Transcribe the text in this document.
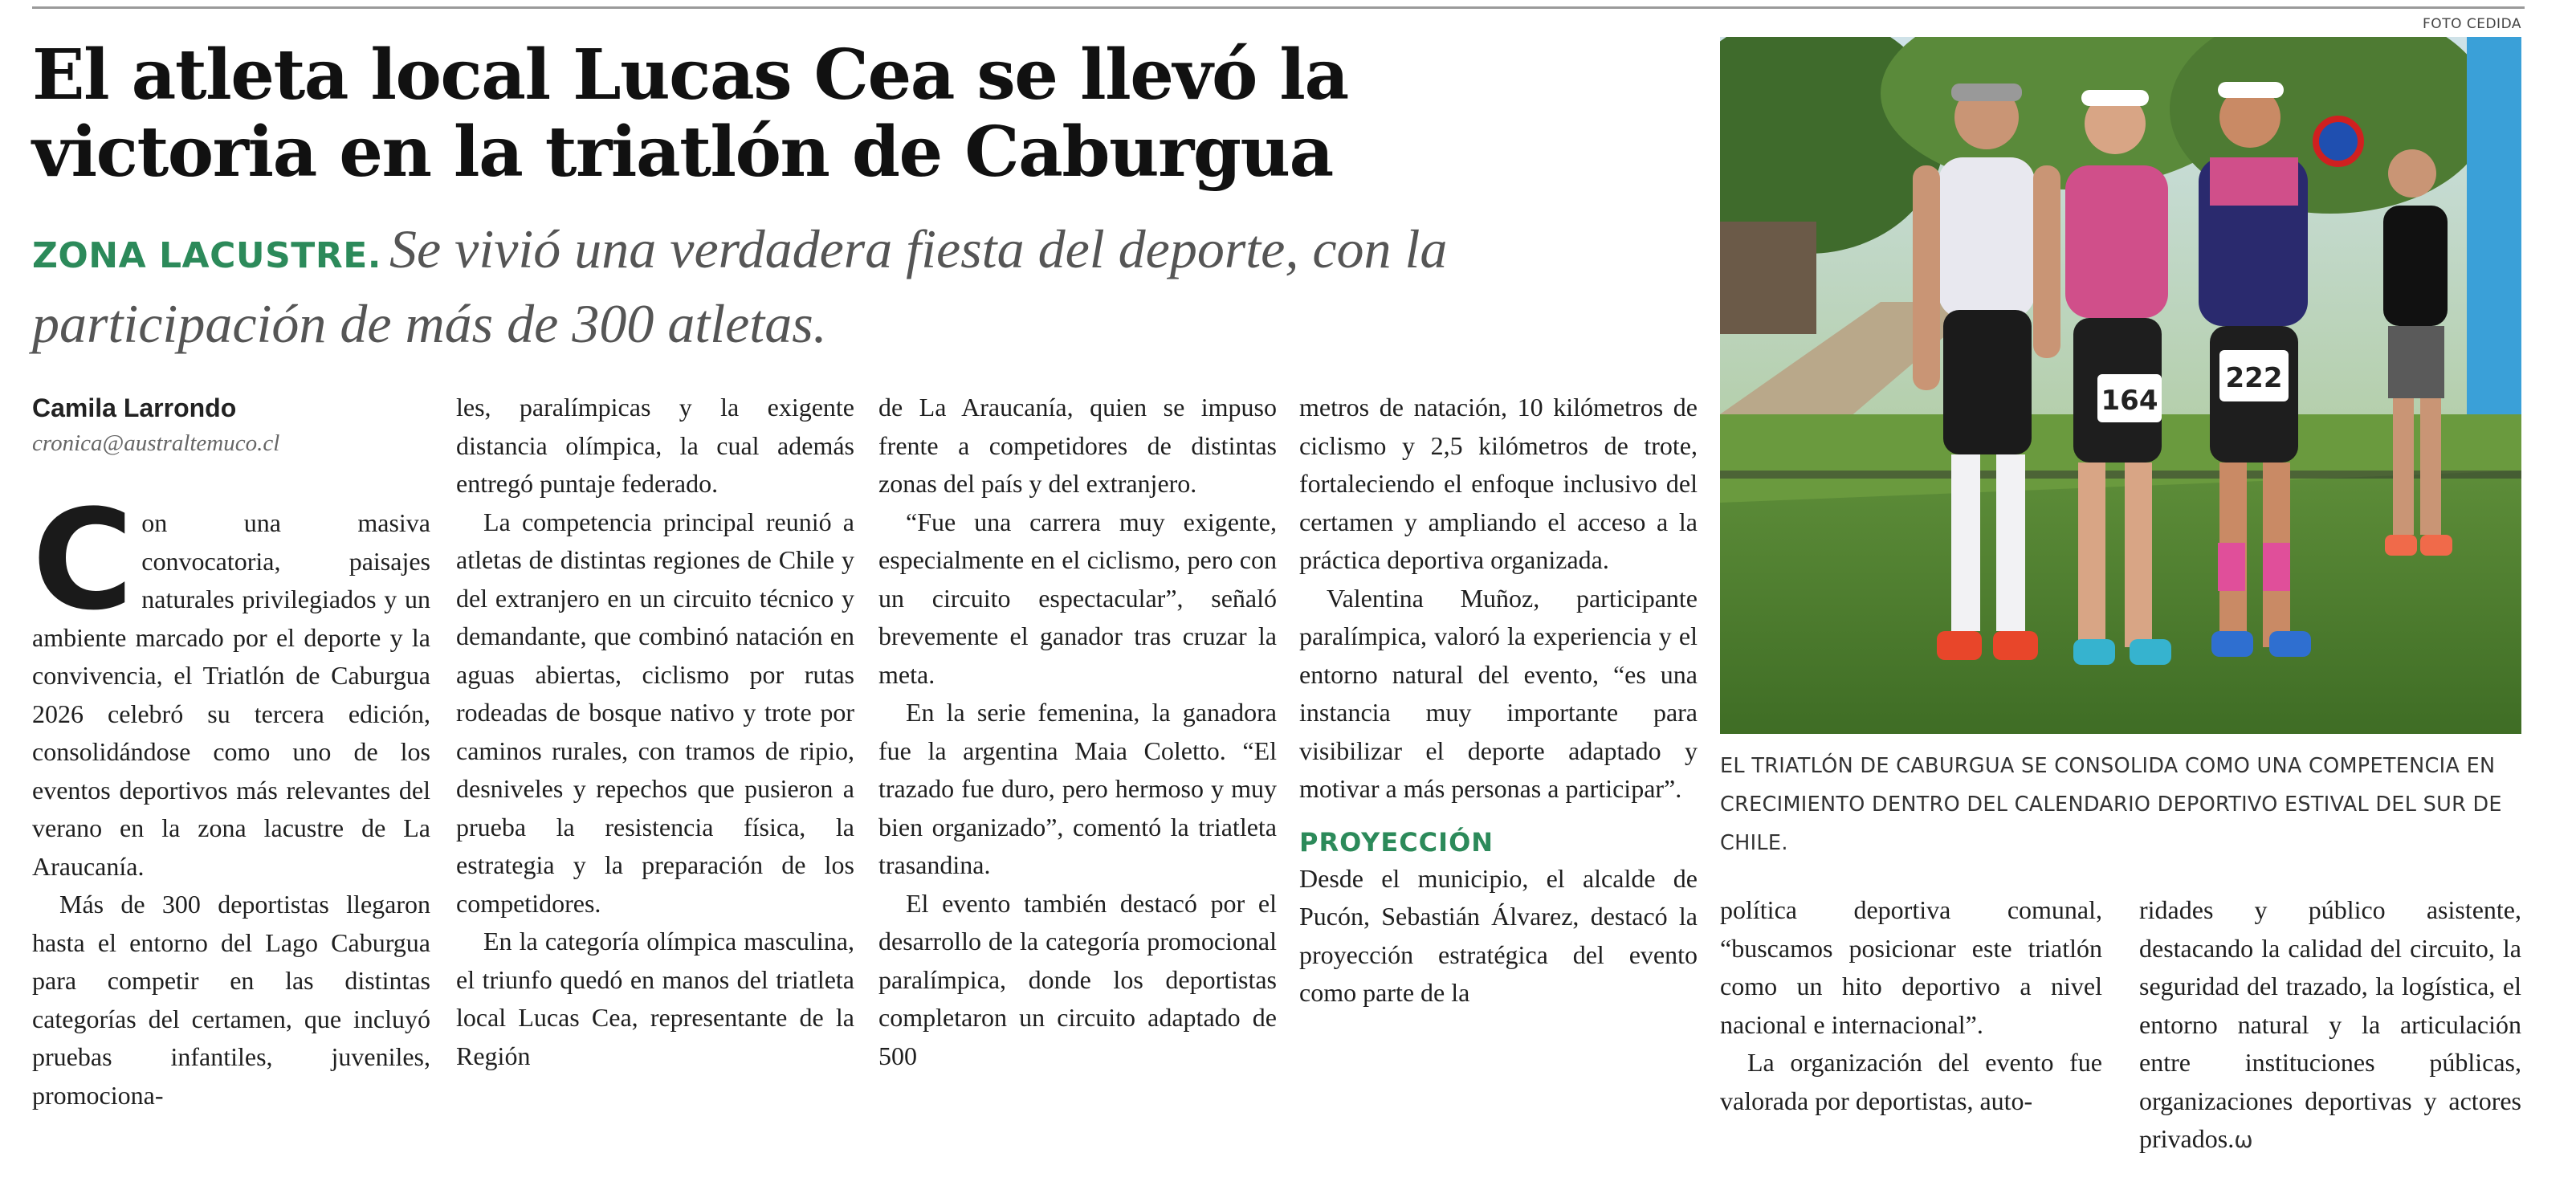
El atleta local Lucas Cea se llevó la victoria en la triatlón de Caburgua
ZONA LACUSTRE. Se vivió una verdadera fiesta del deporte, con la participación de más de 300 atletas.
Camila Larrondo
cronica@australtemuco.cl

Con una masiva convocatoria, paisajes naturales privilegiados y un ambiente marcado por el deporte y la convivencia, el Triatlón de Caburgua 2026 celebró su tercera edición, consolidándose como uno de los eventos deportivos más relevantes del verano en la zona lacustre de La Araucanía.

Más de 300 deportistas llegaron hasta el entorno del Lago Caburgua para competir en las distintas categorías del certamen, que incluyó pruebas infantiles, juveniles, promociona-

les, paralímpicas y la exigente distancia olímpica, la cual además entregó puntaje federado.

La competencia principal reunió a atletas de distintas regiones de Chile y del extranjero en un circuito técnico y demandante, que combinó natación en aguas abiertas, ciclismo por rutas rodeadas de bosque nativo y trote por caminos rurales, con tramos de ripio, desniveles y repechos que pusieron a prueba la resistencia física, la estrategia y la preparación de los competidores.

En la categoría olímpica masculina, el triunfo quedó en manos del triatleta local Lucas Cea, representante de la Región

de La Araucanía, quien se impuso frente a competidores de distintas zonas del país y del extranjero.

“Fue una carrera muy exigente, especialmente en el ciclismo, pero con un circuito espectacular”, señaló brevemente el ganador tras cruzar la meta.

En la serie femenina, la ganadora fue la argentina Maia Coletto. “El trazado fue duro, pero hermoso y muy bien organizado”, comentó la triatleta trasandina.

El evento también destacó por el desarrollo de la categoría promocional paralímpica, donde los deportistas completaron un circuito adaptado de 500

metros de natación, 10 kilómetros de ciclismo y 2,5 kilómetros de trote, fortaleciendo el enfoque inclusivo del certamen y ampliando el acceso a la práctica deportiva organizada.

Valentina Muñoz, participante paralímpica, valoró la experiencia y el entorno natural del evento, “es una instancia muy importante para visibilizar el deporte adaptado y motivar a más personas a participar”.

PROYECCIÓN

Desde el municipio, el alcalde de Pucón, Sebastián Álvarez, destacó la proyección estratégica del evento como parte de la

FOTO CEDIDA
164
222
EL TRIATLÓN DE CABURGUA SE CONSOLIDA COMO UNA COMPETENCIA EN CRECIMIENTO DENTRO DEL CALENDARIO DEPORTIVO ESTIVAL DEL SUR DE CHILE.

política deportiva comunal, “buscamos posicionar este triatlón como un hito deportivo a nivel nacional e internacional”.

La organización del evento fue valorada por deportistas, auto-

ridades y público asistente, destacando la calidad del circuito, la seguridad del trazado, la logística, el entorno natural y la articulación entre instituciones públicas, organizaciones deportivas y actores privados.ω
